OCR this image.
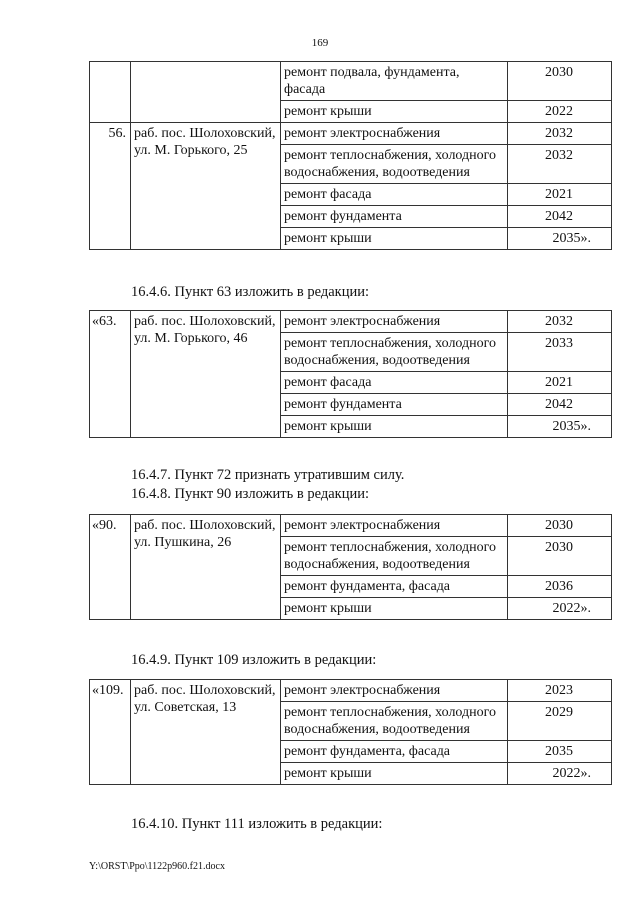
169
		ремонт подвала, фундамента, фасада	2030
		ремонт крыши	2022
56.	раб. пос. Шолоховский, ул. М. Горького, 25	ремонт электроснабжения	2032
		ремонт теплоснабжения, холодного водоснабжения, водоотведения	2032
		ремонт фасада	2021
		ремонт фундамента	2042
		ремонт крыши	2035».
16.4.6. Пункт 63 изложить в редакции:
«63.	раб. пос. Шолоховский, ул. М. Горького, 46	ремонт электроснабжения	2032
		ремонт теплоснабжения, холодного водоснабжения, водоотведения	2033
		ремонт фасада	2021
		ремонт фундамента	2042
		ремонт крыши	2035».
16.4.7. Пункт 72 признать утратившим силу.
16.4.8. Пункт 90 изложить в редакции:
«90.	раб. пос. Шолоховский, ул. Пушкина, 26	ремонт электроснабжения	2030
		ремонт теплоснабжения, холодного водоснабжения, водоотведения	2030
		ремонт фундамента, фасада	2036
		ремонт крыши	2022».
16.4.9. Пункт 109 изложить в редакции:
«109.	раб. пос. Шолоховский, ул. Советская, 13	ремонт электроснабжения	2023
		ремонт теплоснабжения, холодного водоснабжения, водоотведения	2029
		ремонт фундамента, фасада	2035
		ремонт крыши	2022».
16.4.10. Пункт 111 изложить в редакции:
Y:\ORST\Ppo\1122p960.f21.docx
